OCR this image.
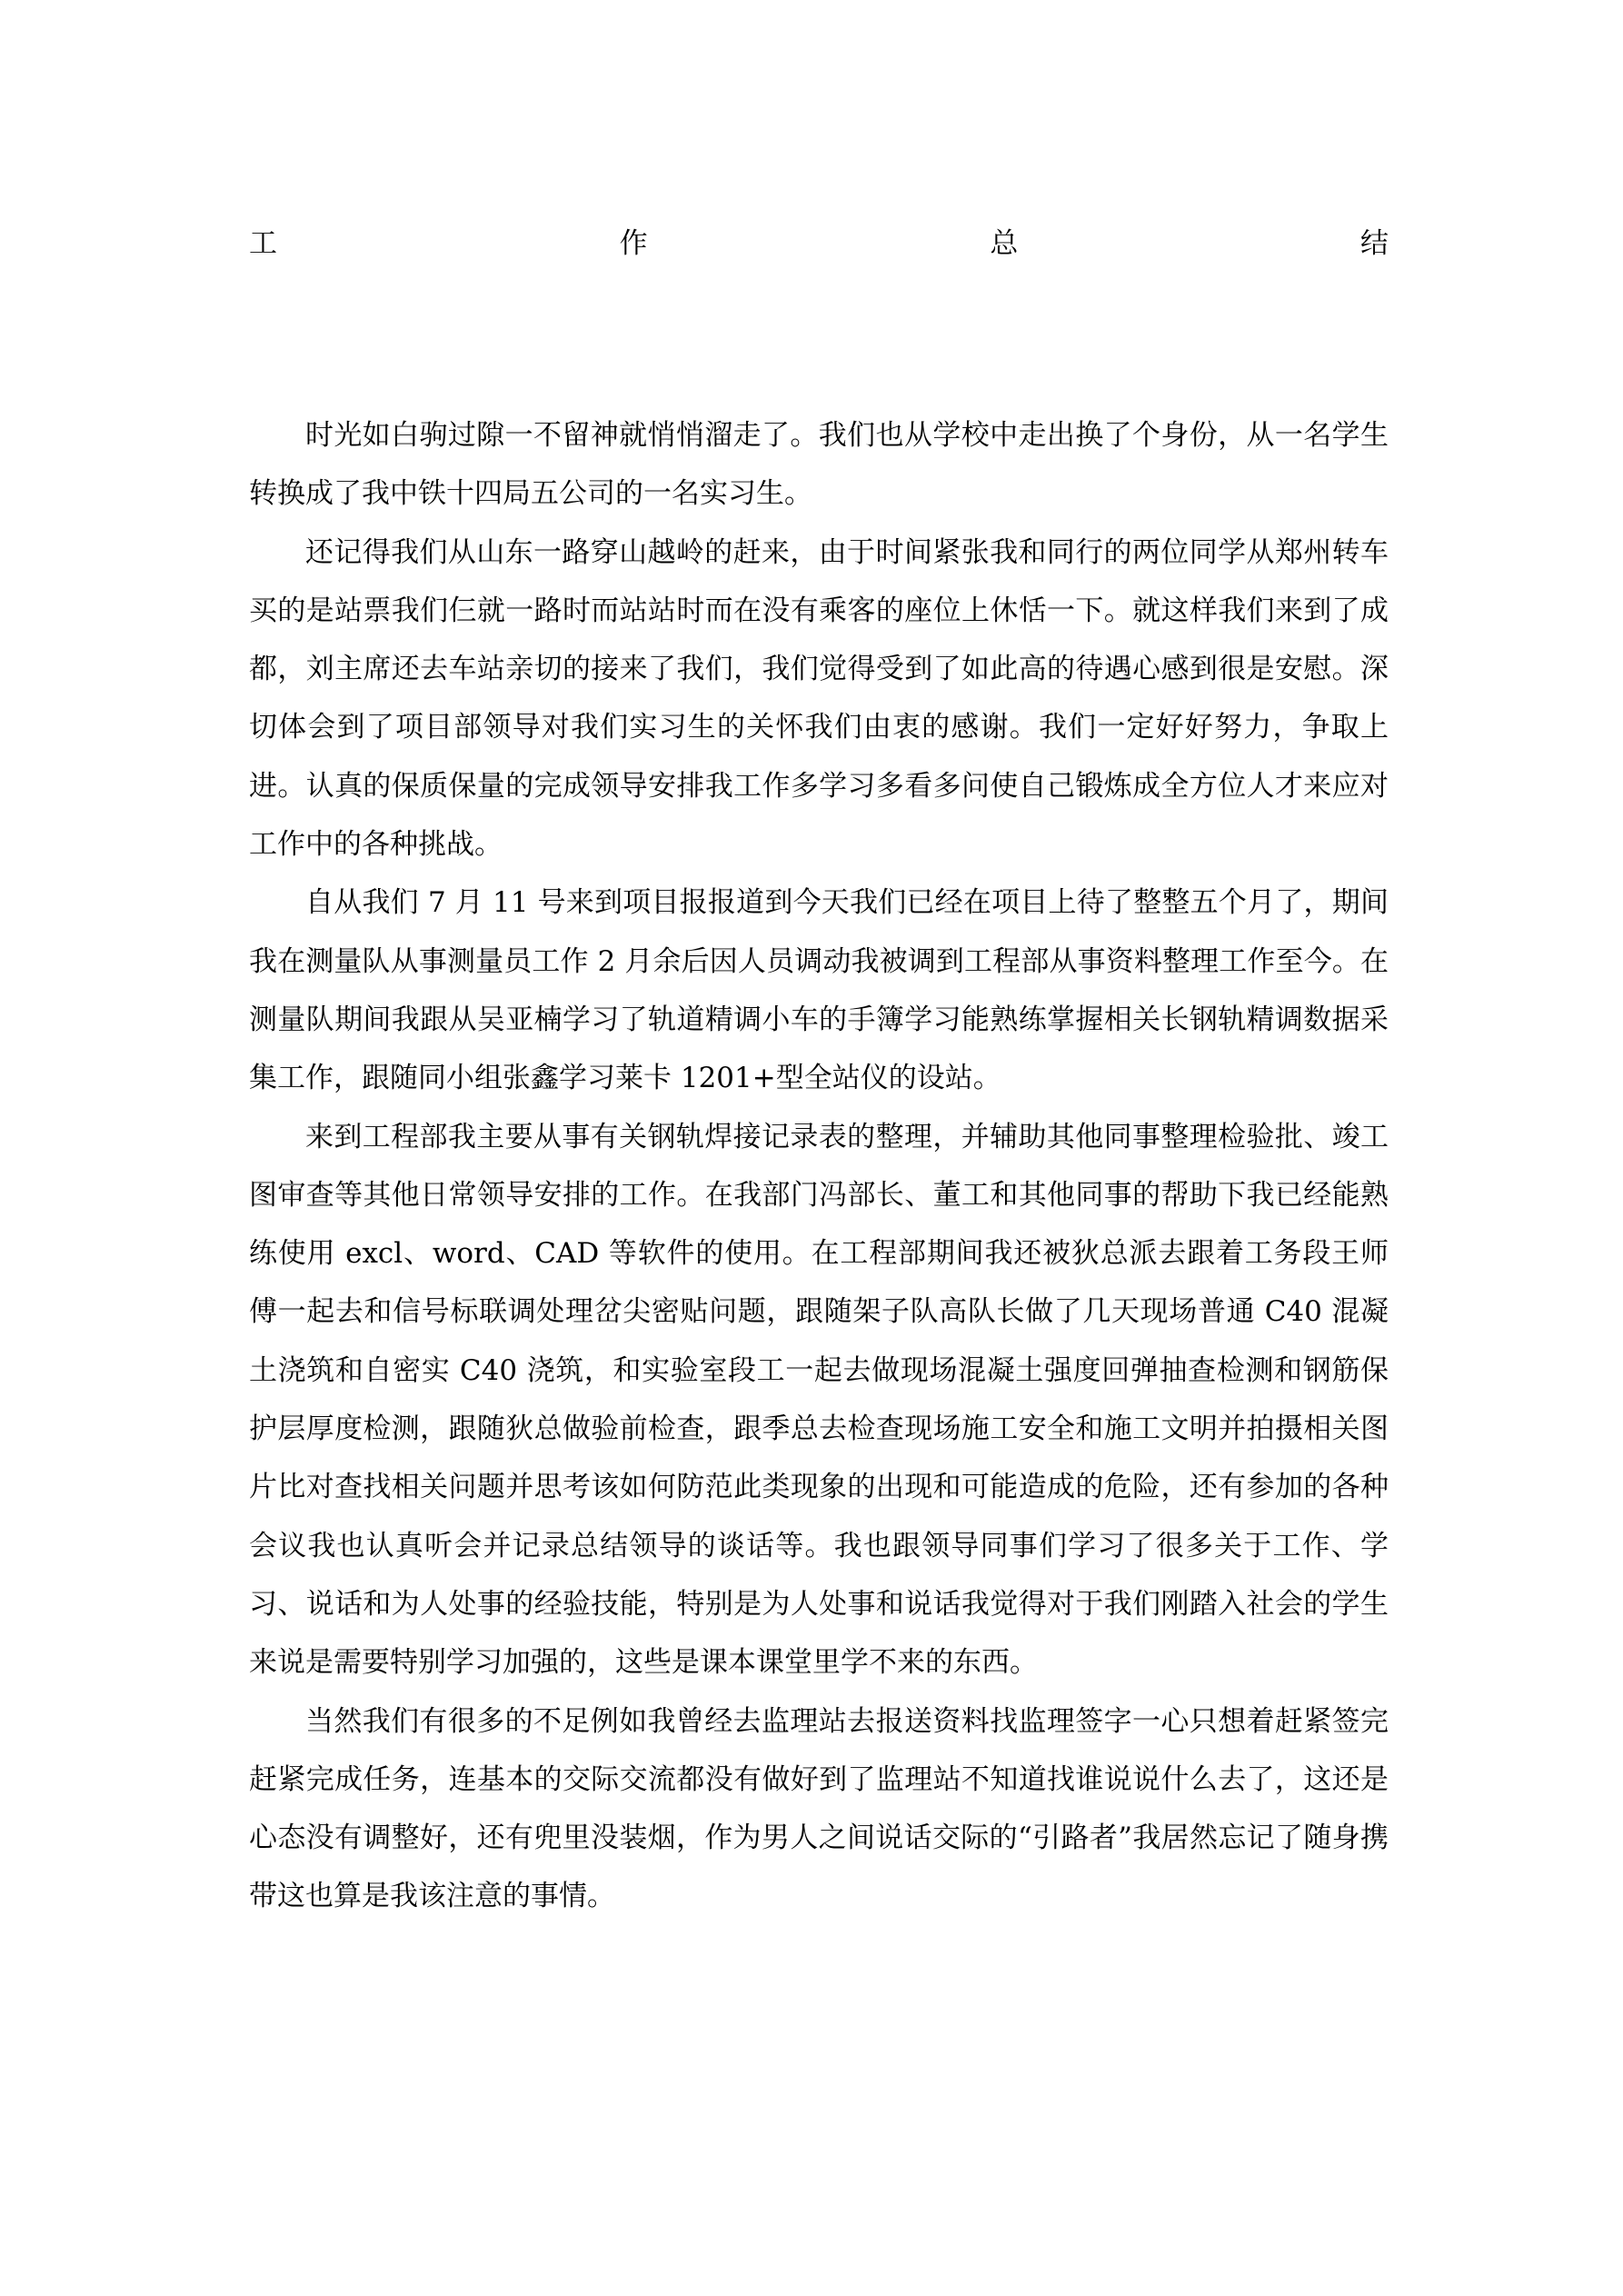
工	作	总	结

时光如白驹过隙一不留神就悄悄溜走了。我们也从学校中走出换了个身份，从一名学生转换成了我中铁十四局五公司的一名实习生。

还记得我们从山东一路穿山越岭的赶来，由于时间紧张我和同行的两位同学从郑州转车买的是站票我们仨就一路时而站站时而在没有乘客的座位上休恬一下。就这样我们来到了成都，刘主席还去车站亲切的接来了我们，我们觉得受到了如此高的待遇心感到很是安慰。深切体会到了项目部领导对我们实习生的关怀我们由衷的感谢。我们一定好好努力，争取上进。认真的保质保量的完成领导安排我工作多学习多看多问使自己锻炼成全方位人才来应对工作中的各种挑战。

自从我们 7 月 11 号来到项目报报道到今天我们已经在项目上待了整整五个月了，期间我在测量队从事测量员工作 2 月余后因人员调动我被调到工程部从事资料整理工作至今。在测量队期间我跟从吴亚楠学习了轨道精调小车的手簿学习能熟练掌握相关长钢轨精调数据采集工作，跟随同小组张鑫学习莱卡 1201+型全站仪的设站。

来到工程部我主要从事有关钢轨焊接记录表的整理，并辅助其他同事整理检验批、竣工图审查等其他日常领导安排的工作。在我部门冯部长、董工和其他同事的帮助下我已经能熟练使用 excl、word、CAD 等软件的使用。在工程部期间我还被狄总派去跟着工务段王师傅一起去和信号标联调处理岔尖密贴问题，跟随架子队高队长做了几天现场普通 C40 混凝土浇筑和自密实 C40 浇筑，和实验室段工一起去做现场混凝土强度回弹抽查检测和钢筋保护层厚度检测，跟随狄总做验前检查，跟季总去检查现场施工安全和施工文明并拍摄相关图片比对查找相关问题并思考该如何防范此类现象的出现和可能造成的危险，还有参加的各种会议我也认真听会并记录总结领导的谈话等。我也跟领导同事们学习了很多关于工作、学习、说话和为人处事的经验技能，特别是为人处事和说话我觉得对于我们刚踏入社会的学生来说是需要特别学习加强的，这些是课本课堂里学不来的东西。

当然我们有很多的不足例如我曾经去监理站去报送资料找监理签字一心只想着赶紧签完赶紧完成任务，连基本的交际交流都没有做好到了监理站不知道找谁说说什么去了，这还是心态没有调整好，还有兜里没装烟，作为男人之间说话交际的“引路者”我居然忘记了随身携带这也算是我该注意的事情。
